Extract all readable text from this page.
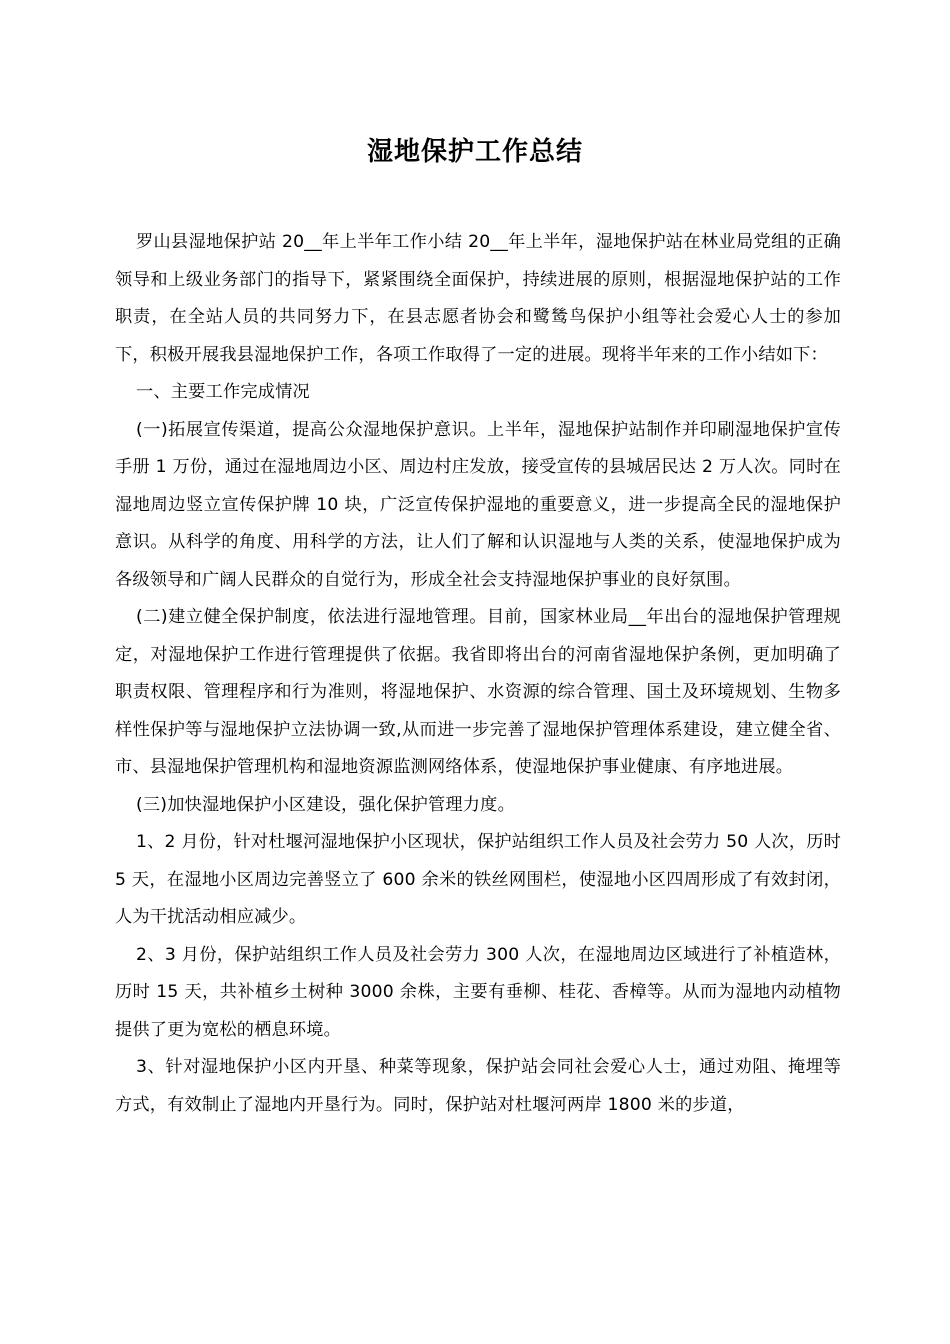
湿地保护工作总结

罗山县湿地保护站 20__年上半年工作小结 20__年上半年，湿地保护站在林业局党组的正确领导和上级业务部门的指导下，紧紧围绕全面保护，持续进展的原则，根据湿地保护站的工作职责，在全站人员的共同努力下，在县志愿者协会和鹭鸶鸟保护小组等社会爱心人士的参加下，积极开展我县湿地保护工作，各项工作取得了一定的进展。现将半年来的工作小结如下：

一、主要工作完成情况

(一)拓展宣传渠道，提高公众湿地保护意识。上半年，湿地保护站制作并印刷湿地保护宣传手册 1 万份，通过在湿地周边小区、周边村庄发放，接受宣传的县城居民达 2 万人次。同时在湿地周边竖立宣传保护牌 10 块，广泛宣传保护湿地的重要意义，进一步提高全民的湿地保护意识。从科学的角度、用科学的方法，让人们了解和认识湿地与人类的关系，使湿地保护成为各级领导和广阔人民群众的自觉行为，形成全社会支持湿地保护事业的良好氛围。

(二)建立健全保护制度，依法进行湿地管理。目前，国家林业局__年出台的湿地保护管理规定，对湿地保护工作进行管理提供了依据。我省即将出台的河南省湿地保护条例，更加明确了职责权限、管理程序和行为准则，将湿地保护、水资源的综合管理、国土及环境规划、生物多样性保护等与湿地保护立法协调一致,从而进一步完善了湿地保护管理体系建设，建立健全省、市、县湿地保护管理机构和湿地资源监测网络体系，使湿地保护事业健康、有序地进展。

(三)加快湿地保护小区建设，强化保护管理力度。

1、2 月份，针对杜堰河湿地保护小区现状，保护站组织工作人员及社会劳力 50 人次，历时 5 天，在湿地小区周边完善竖立了 600 余米的铁丝网围栏，使湿地小区四周形成了有效封闭，人为干扰活动相应减少。

2、3 月份，保护站组织工作人员及社会劳力 300 人次，在湿地周边区域进行了补植造林，历时 15 天，共补植乡土树种 3000 余株，主要有垂柳、桂花、香樟等。从而为湿地内动植物提供了更为宽松的栖息环境。

3、针对湿地保护小区内开垦、种菜等现象，保护站会同社会爱心人士，通过劝阻、掩埋等方式，有效制止了湿地内开垦行为。同时，保护站对杜堰河两岸 1800 米的步道，
